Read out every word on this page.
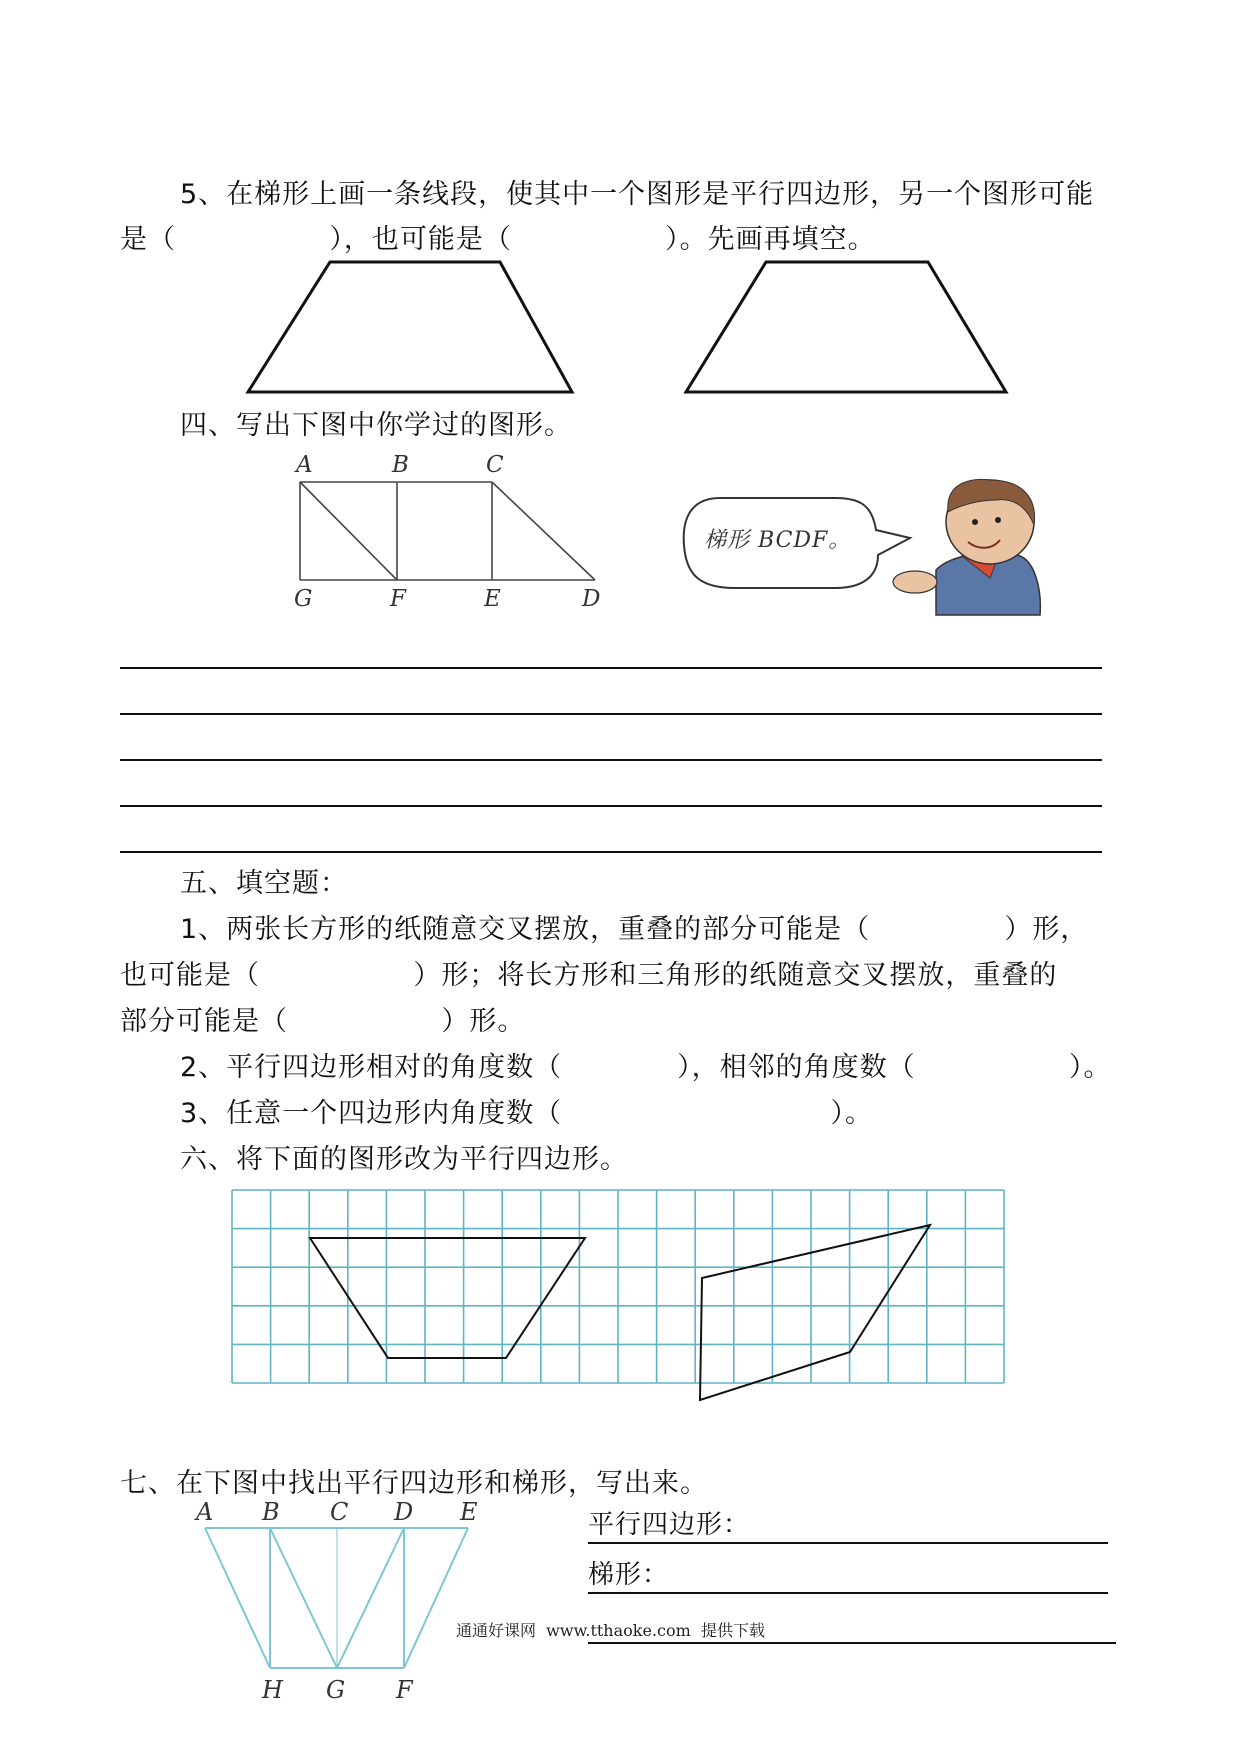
5、在梯形上画一条线段，使其中一个图形是平行四边形，另一个图形可能
是（                ），也可能是（                ）。先画再填空。
四、写出下图中你学过的图形。
A	B	C
G	F	E	D
梯形 BCDF。
五、填空题：
1、两张长方形的纸随意交叉摆放，重叠的部分可能是（              ）形，
也可能是（                ）形；将长方形和三角形的纸随意交叉摆放，重叠的
部分可能是（                ）形。
2、平行四边形相对的角度数（            ），相邻的角度数（                ）。
3、任意一个四边形内角度数（                            ）。
六、将下面的图形改为平行四边形。
七、在下图中找出平行四边形和梯形，写出来。
A B C D E
H G F
平行四边形：
梯形：
通通好课网  www.tthaoke.com  提供下载
